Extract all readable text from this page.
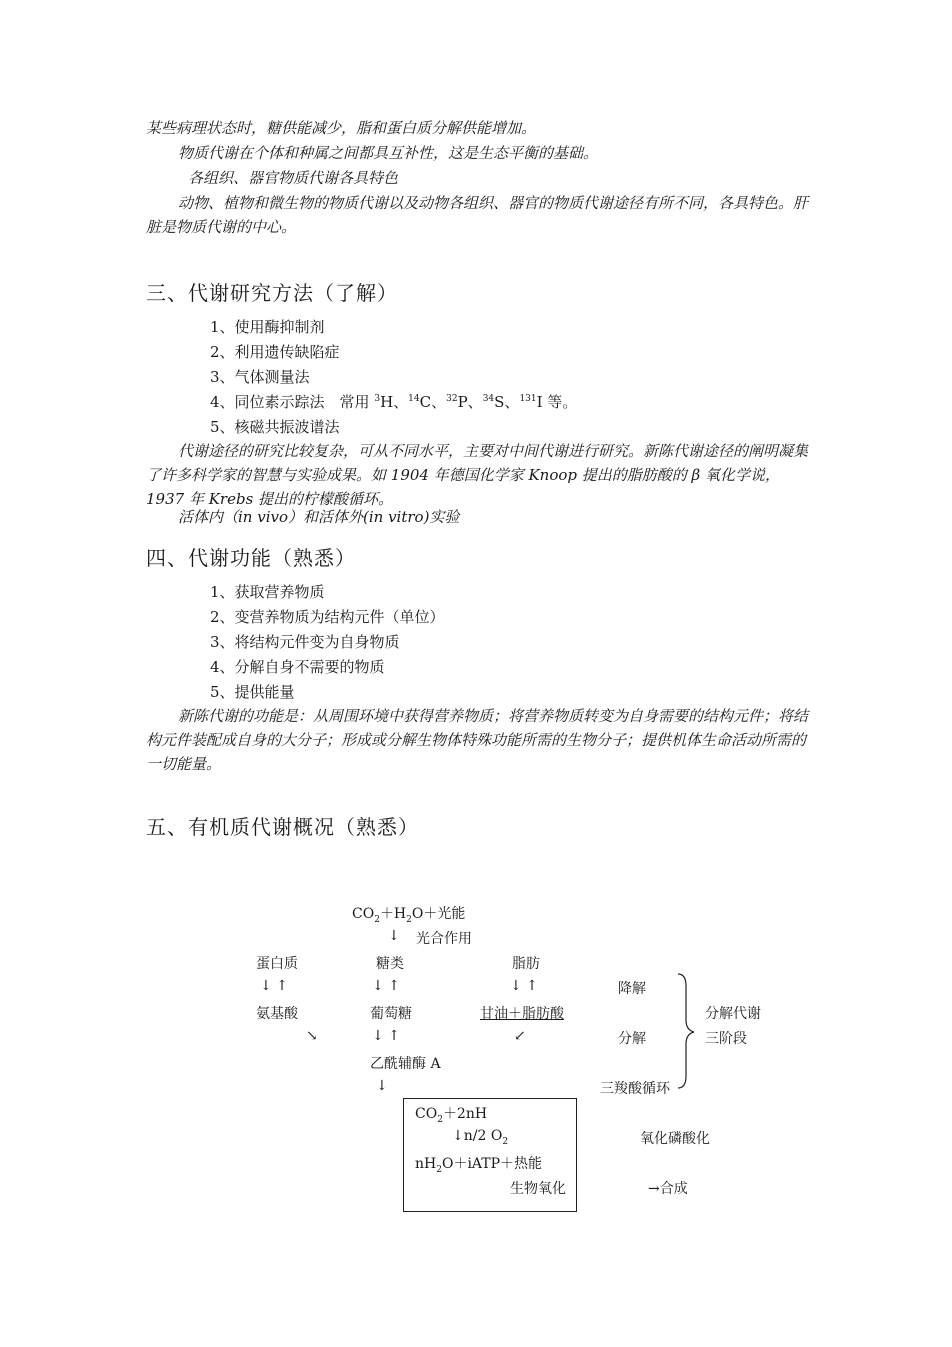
某些病理状态时，糖供能减少，脂和蛋白质分解供能增加。
物质代谢在个体和种属之间都具互补性，这是生态平衡的基础。
各组织、器官物质代谢各具特色
动物、植物和微生物的物质代谢以及动物各组织、器官的物质代谢途径有所不同，各具特色。肝脏是物质代谢的中心。
三、代谢研究方法（了解）
1、使用酶抑制剂
2、利用遗传缺陷症
3、气体测量法
4、同位素示踪法　常用 $^3$H、$^{14}$C、$^{32}$P、$^{34}$S、$^{131}$I 等。
5、核磁共振波谱法
代谢途径的研究比较复杂，可从不同水平，主要对中间代谢进行研究。新陈代谢途径的阐明凝集了许多科学家的智慧与实验成果。如 1904 年德国化学家 Knoop 提出的脂肪酸的 β 氧化学说，1937 年 Krebs 提出的柠檬酸循环。
活体内（in vivo）和活体外(in vitro)实验
四、代谢功能（熟悉）
1、获取营养物质
2、变营养物质为结构元件（单位）
3、将结构元件变为自身物质
4、分解自身不需要的物质
5、提供能量
新陈代谢的功能是：从周围环境中获得营养物质；将营养物质转变为自身需要的结构元件；将结构元件装配成自身的大分子；形成或分解生物体特殊功能所需的生物分子；提供机体生命活动所需的一切能量。
五、有机质代谢概况（熟悉）
$CO_2+H_2O+$光能
↓ 光合作用
蛋白质	糖类	脂肪
↓ ↑	↓ ↑	↓ ↑	降解
氨基酸	葡萄糖	甘油＋脂肪酸	分解代谢
↘	↓ ↑	↙	分解	三阶段
乙酰辅酶 A
↓	三羧酸循环
$CO_2+2nH$
↓n/2 $O_2$
$nH_2O+iATP+$热能
生物氧化
氧化磷酸化
→合成
